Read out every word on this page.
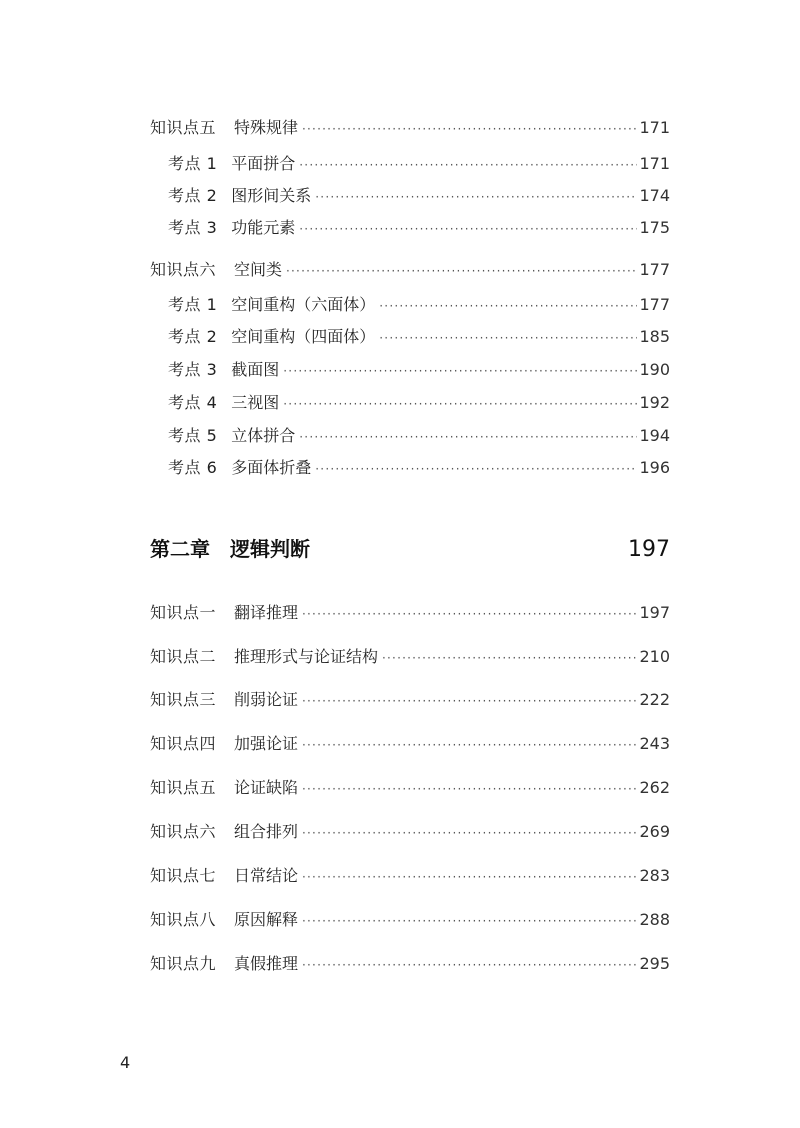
知识点五 特殊规律 ·····	171
考点 1 平面拼合 ·····	171
考点 2 图形间关系 ·····	174
考点 3 功能元素 ·····	175
知识点六 空间类 ·····	177
考点 1 空间重构（六面体） ·····	177
考点 2 空间重构（四面体） ·····	185
考点 3 截面图 ·····	190
考点 4 三视图 ·····	192
考点 5 立体拼合 ·····	194
考点 6 多面体折叠 ·····	196
第二章 逻辑判断	197
知识点一 翻译推理 ·····	197
知识点二 推理形式与论证结构 ·····	210
知识点三 削弱论证 ·····	222
知识点四 加强论证 ·····	243
知识点五 论证缺陷 ·····	262
知识点六 组合排列 ·····	269
知识点七 日常结论 ·····	283
知识点八 原因解释 ·····	288
知识点九 真假推理 ·····	295
4
